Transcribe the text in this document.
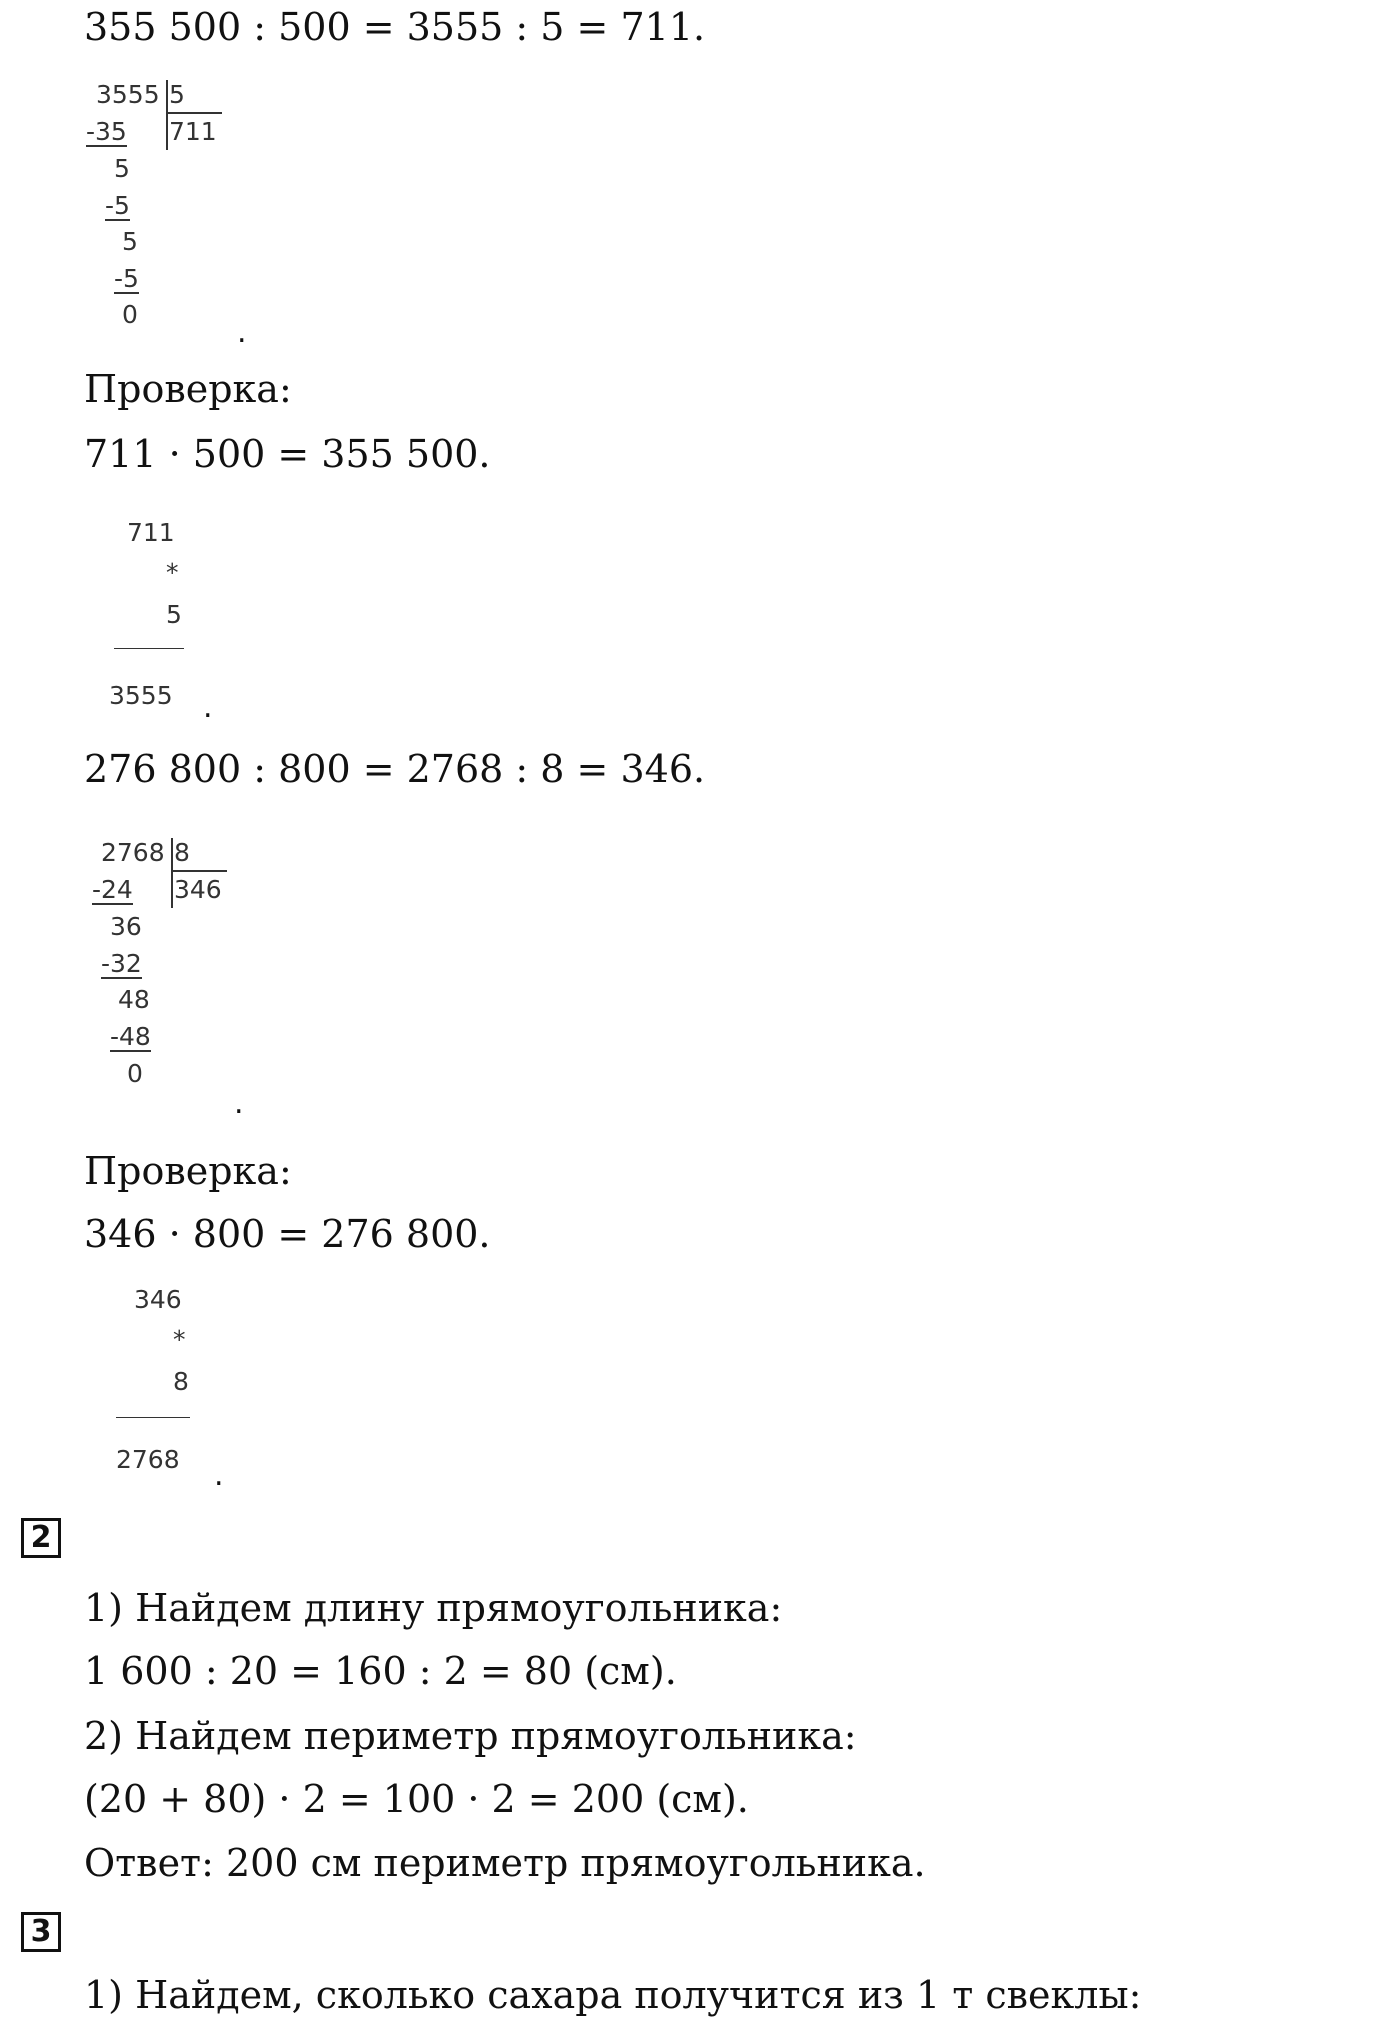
355 500 : 500 = 3555 : 5 = 711.
3555 5
711
-35
5
-5
5
-5
0
.
Проверка:
711 · 500 = 355 500.
711
*
5
3555 .
276 800 : 800 = 2768 : 8 = 346.
2768 8
346
-24
36
-32
48
-48
0
.
Проверка:
346 · 800 = 276 800.
346
*
8
2768 .
2
1) Найдем длину прямоугольника:
1 600 : 20 = 160 : 2 = 80 (см).
2) Найдем периметр прямоугольника:
(20 + 80) · 2 = 100 · 2 = 200 (см).
Ответ: 200 см периметр прямоугольника.
3
1) Найдем, сколько сахара получится из 1 т свеклы:
